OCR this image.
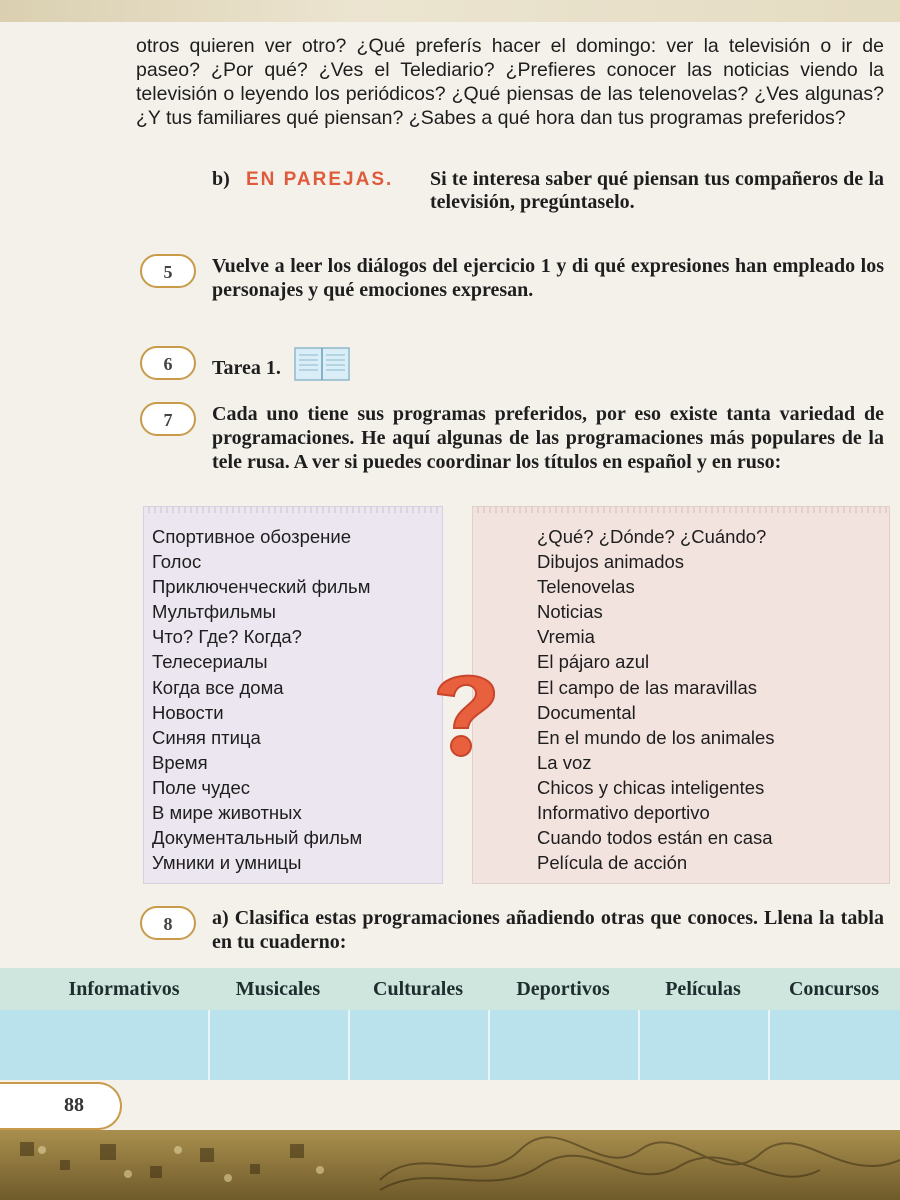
otros quieren ver otro? ¿Qué preferís hacer el domingo: ver la televisión o ir de paseo? ¿Por qué? ¿Ves el Telediario? ¿Prefieres conocer las noticias viendo la televisión o leyendo los periódicos? ¿Qué piensas de las telenovelas? ¿Ves algunas? ¿Y tus familiares qué piensan? ¿Sabes a qué hora dan tus programas preferidos?
b) EN PAREJAS. Si te interesa saber qué piensan tus compañeros de la televisión, pregúntaselo.
5	Vuelve a leer los diálogos del ejercicio 1 y di qué expresiones han empleado los personajes y qué emociones expresan.
6	Tarea 1.
7	Cada uno tiene sus programas preferidos, por eso existe tanta variedad de programaciones. He aquí algunas de las programaciones más populares de la tele rusa. A ver si puedes coordinar los títulos en español y en ruso:
Спортивное обозрение
Голос
Приключенческий фильм
Мультфильмы
Что? Где? Когда?
Телесериалы
Когда все дома
Новости
Синяя птица
Время
Поле чудес
В мире животных
Документальный фильм
Умники и умницы
¿Qué? ¿Dónde? ¿Cuándo?
Dibujos animados
Telenovelas
Noticias
Vremia
El pájaro azul
El campo de las maravillas
Documental
En el mundo de los animales
La voz
Chicos y chicas inteligentes
Informativo deportivo
Cuando todos están en casa
Película de acción
8	a) Clasifica estas programaciones añadiendo otras que conoces. Llena la tabla en tu cuaderno:
Informativos	Musicales	Culturales	Deportivos	Películas	Concursos
88
